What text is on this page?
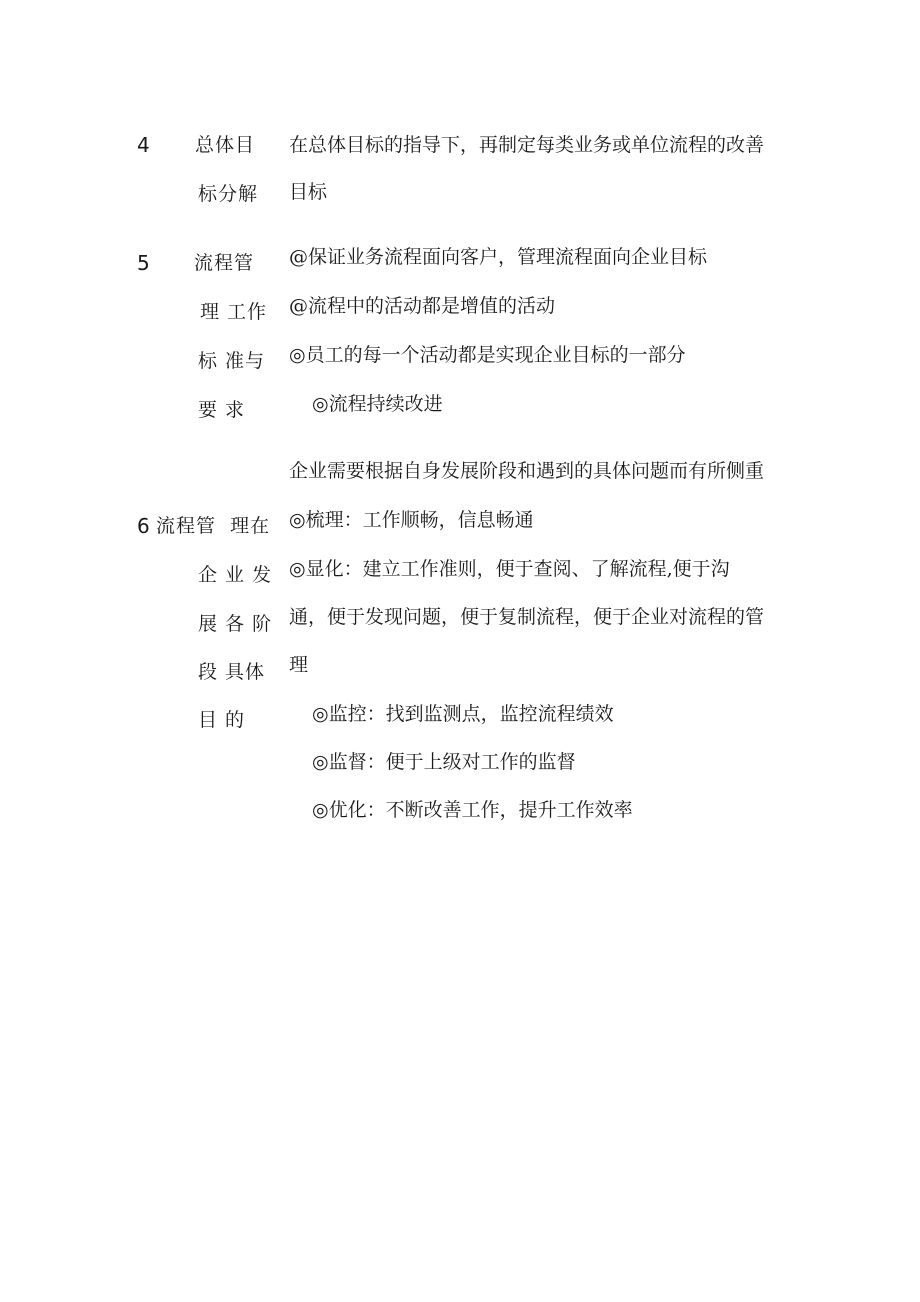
4 总体目
标分解
在总体目标的指导下，再制定每类业务或单位流程的改善
目标
5 流程管
理 工作
标 准与
要 求
@保证业务流程面向客户，管理流程面向企业目标
@流程中的活动都是增值的活动
◎员工的每一个活动都是实现企业目标的一部分
◎流程持续改进
6 流程管  理在
企 业 发
展 各 阶
段 具体
目 的
企业需要根据自身发展阶段和遇到的具体问题而有所侧重
◎梳理：工作顺畅，信息畅通
◎显化：建立工作准则，便于查阅、了解流程,便于沟
通，便于发现问题，便于复制流程，便于企业对流程的管
理
◎监控：找到监测点，监控流程绩效
◎监督：便于上级对工作的监督
◎优化：不断改善工作，提升工作效率
